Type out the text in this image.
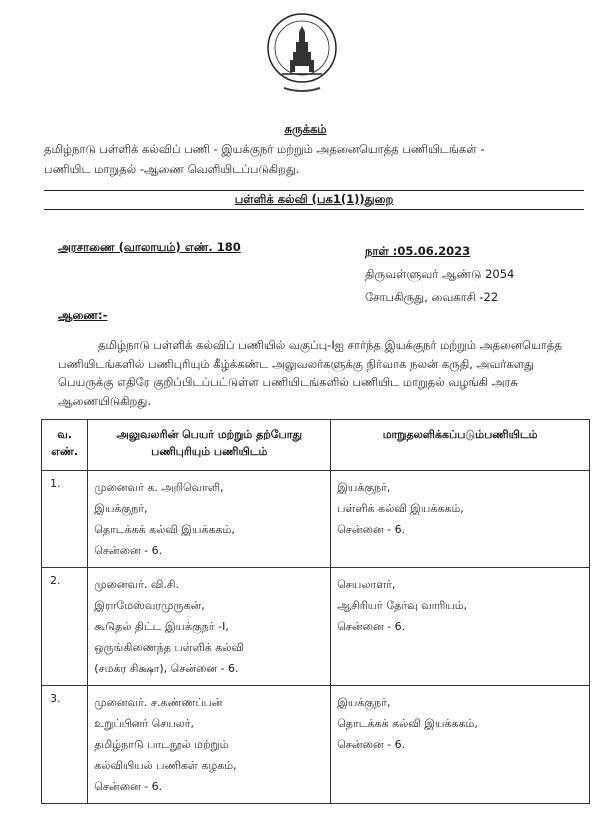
சுருக்கம்
தமிழ்நாடு பள்ளிக் கல்விப் பணி - இயக்குநர் மற்றும் அதனையொத்த பணியிடங்கள் -
பணியிட மாறுதல் -ஆணை வெளியிடப்படுகிறது.
பள்ளிக் கல்வி (பக1(1))துறை
அரசாணை (வாலாயம்) எண். 180	நாள் :05.06.2023
திருவள்ளுவர் ஆண்டு 2054
சோபகிருது, வைகாசி -22
ஆணை:-
தமிழ்நாடு பள்ளிக் கல்விப் பணியில் வகுப்பு-Iஐ சார்ந்த இயக்குநர் மற்றும் அதனையொத்த பணியிடங்களில் பணிபுரியும் கீழ்க்கண்ட அலுவலர்களுக்கு நிர்வாக நலன் கருதி, அவர்களது பெயருக்கு எதிரே குறிப்பிடப்பட்டுள்ள பணியிடங்களில் பணியிட மாறுதல் வழங்கி அரசு ஆணையிடுகிறது.
வ.
எண்.	அலுவலரின் பெயர் மற்றும் தற்போது
பணிபுரியும் பணியிடம்	மாறுதலளிக்கப்படும்பணியிடம்

1.	முனைவர் க. அறிவொளி,
இயக்குநர்,
தொடக்கக் கல்வி இயக்ககம்,
சென்னை - 6.	இயக்குநர்,
பள்ளிக் கல்வி இயக்ககம்,
சென்னை - 6.

2.	முனைவர். வி.சி.
இராமேஸ்வரமுருகன்,
கூடுதல் திட்ட இயக்குநர் -I,
ஒருங்கிணைந்த பள்ளிக் கல்வி
(சமக்ர சிக்ஷா), சென்னை - 6.	செயலாளர்,
ஆசிரியர் தேர்வு வாரியம்,
சென்னை - 6.

3.	முனைவர். ச.கண்ணப்பன்
உறுப்பினர் செயலர்,
தமிழ்நாடு பாடநூல் மற்றும்
கல்வியியல் பணிகள் கழகம்,
சென்னை - 6.	இயக்குநர்,
தொடக்கக் கல்வி இயக்ககம்,
சென்னை - 6.
